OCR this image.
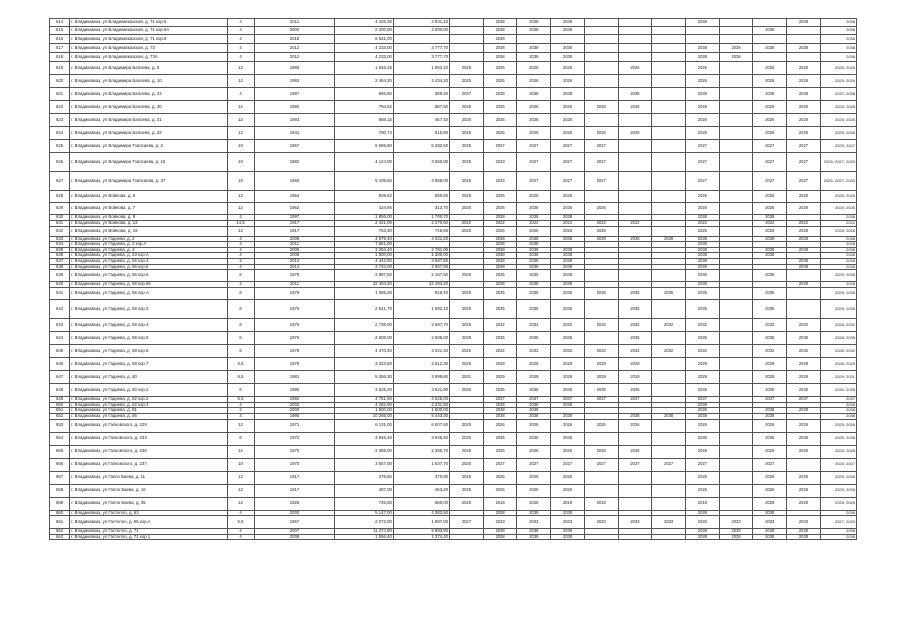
614	г. Владикавказ, ул Владикавказская, д. 71 кор.5	4	2011	4 428,30	2 931,10		2038	2038	2038				2038			2038	2038
615	г. Владикавказ, ул Владикавказская, д. 71 кор.6А	4	2000	2 200,00	2 000,00		2038	2038	2038						2038		2038
616	г. Владикавказ, ул Владикавказская, д. 71 кор.8	4	2018	5 531,00			2038										2038
617	г. Владикавказ, ул Владикавказская, д. 73	4	2012	4 233,00	3 777,70		2038	2038	2038				2038	2038	2038	2038	2038
618	г. Владикавказ, ул Владикавказская, д. 73А	4	2012	4 233,00	3 777,70		2038	2038	2038				2038	2038			2038
619	г. Владикавказ, ул Владимира Балоева, д. 5	12	1990	1 646,25	1 063,10	2025	2026	2026	2026		2026		2026		2026	2026	2025; 2026
620	г. Владикавказ, ул Владимира Балоева, д. 10	12	1992	2 464,20	2 434,20	2025	2026	2026	2026				2026		2026	2026	2025; 2026
621	г. Владикавказ, ул Владимира Балоева, д. 22	4	1997	566,80	389,40	2037	2038	2038	2038		2038		2038		2038	2038	2037; 2038
622	г. Владикавказ, ул Владимира Балоева, д. 30	12	1980	794,52	687,50	2025	2026	2026	2026	2026	2026		2026		2026	2026	2025; 2026
623	г. Владикавказ, ул Владимира Балоева, д. 31	12	1993	658,15	467,40	2025	2026	2026	2026				2026		2026	2026	2025; 2026
624	г. Владикавказ, ул Владимира Балоева, д. 33	12	1941	750,74	615,90	2025	2026	2026	2026	2026	2026		2026		2026	2026	2025; 2026
625	г. Владикавказ, ул Владимира Тхапсаева, д. 2	10	1967	6 596,90	6 282,50	2025	2027	2027	2027	2027			2027		2027	2027	2025; 2027
626	г. Владикавказ, ул Владимира Тхапсаева, д. 16	10	1982	4 124,00	3 650,00	2025	2033	2027	2027	2027			2027		2027	2027	2025; 2027; 2033
627	г. Владикавказ, ул Владимира Тхапсаева, д. 37	10	1960	5 105,50	4 858,00	2025	2033	2027	2027	2027			2027		2027	2027	2025; 2027; 2033
628	г. Владикавказ, ул Войнова, д. 6	12	1954	609,62	599,60	2025	2026	2026	2026				2026		2026	2026	2025; 2026
629	г. Владикавказ, ул Войнова, д. 7	12	1962	424,85	313,70	2025	2026	2026	2026	2026			2026		2026	2026	2025; 2026
630	г. Владикавказ, ул Войнова, д. 8	4	1997	1 856,00	1 700,70		2038	2038	2038				2038		2038		2038
631	г. Владикавказ, ул Войнова, д. 13	14,5	1917	2 421,00	2 270,60	2022	2022	2022	2022	2022	2022		2022		2022	2022	2022
632	г. Владикавказ, ул Войнова, д. 19	12	1917	763,30	746,60	2025	2026	2026	2026	2026			2026		2026	2026	2025; 2026
633	г. Владикавказ, ул Гадиева, д. 2	4	2008	4 979,40	4 021,20		2038	2038	2038	2038	2038	2038	2038		2038	2038	2038
634	г. Владикавказ, ул Гадиева, д. 2 кор.А	4	2011	7 861,00			2038	2038					2038				2038
635	г. Владикавказ, ул Гадиева, д. 3	4	2005	3 284,40	2 781,90		2038	2038	2038				2038		2038	2038	2038
636	г. Владикавказ, ул Гадиева, д. 23 кор.А	4	2008	1 500,00	1 300,00		2038	2038	2038				2038		2038		2038
637	г. Владикавказ, ул Гадиева, д. 56 кор.4	2	2012	4 442,50	3 697,80		2038	2038	2038				2038			2038	2038
638	г. Владикавказ, ул Гадиева, д. 56 кор.5	4	2012	3 734,00	2 957,90		2038	2038	2038				2038			2038	2038
639	г. Владикавказ, ул Гадиева, д. 56 кор.6	6	1979	2 897,50	2 167,50	2029	2035	2035	2035				2035		2035		2029; 2035
640	г. Владикавказ, ул Гадиева, д. 56 кор.65	2	2011	42 494,20	42 494,20		2038	2038	2038				2038			2038	2038
641	г. Владикавказ, ул Гадиева, д. 56 кор.А	6	1979	1 085,20	929,40	2029	2035	2035	2035	2035	2035	2035	2035		2035		2029; 2035
642	г. Владикавказ, ул Гадиева, д. 58 кор.3	6	1976	2 541,70	1 692,10	2029	2035	2035	2035		2035		2035		2035		2029; 2035
643	г. Владикавказ, ул Гадиева, д. 58 кор.4	6	1976	2 738,00	2 697,70	2026	2032	2032	2032	2032	2032	2032	2032		2032	2032	2026; 2032
644	г. Владикавказ, ул Гадиева, д. 58 кор.5	6	1976	2 608,00	2 508,00	2028	2035	2035	2035		2035		2035		2035	2035	2028; 2035
645	г. Владикавказ, ул Гадиева, д. 58 кор.6	6	1978	4 470,40	4 021,40	2026	2032	2032	2032	2032	2032	2032	2032		2032	2032	2026; 2032
646	г. Владикавказ, ул Гадиева, д. 58 кор.7	6,5	1978	3 323,80	2 612,30	2026	2029	2029	2029	2029	2029		2029		2029	2029	2026; 2029
647	г. Владикавказ, ул Гадиева, д. 60	6,5	1981	5 356,30	3 999,80	2031	2029	2029	2029	2029	2029		2029		2029	2029	2029; 2031
648	г. Владикавказ, ул Гадиева, д. 60 кор.2	6	1980	3 625,20	3 521,90	2030	2035	2035	2035	2035	2035		2035		2035	2035	2030; 2035
649	г. Владикавказ, ул Гадиева, д. 62 кор.2	5,5	1992	4 751,50	3 625,00		2037	2037	2037	2037	2037		2037		2037	2037	2037
650	г. Владикавказ, ул Гадиева, д. 62 кор.3	4	2002	4 282,90	2 231,50		2038	2038	2038				2038				2038
651	г. Владикавказ, ул Гадиева, д. 81	2	2000	1 500,00	1 500,00		2038	2038					2038		2038	2038	2038
652	г. Владикавказ, ул Гадиева, д. 86	4	1995	10 265,00	5 443,30		2038	2038	2038		2038	2038	2038		2038		2038
653	г. Владикавказ, ул Галковского, д. 229	12	1971	6 131,00	6 007,60	2025	2026	2026	2026	2026	2026		2026		2026	2026	2025; 2026
654	г. Владикавказ, ул Галковского, д. 233	6	1972	3 945,40	3 945,40	2025	2036	2036	2036				2036		2036	2036	2025; 2036
655	г. Владикавказ, ул Галковского, д. 235	12	1970	2 389,00	2 355,70	2025	2026	2026	2026	2026	2026		2026		2026	2026	2025; 2026
656	г. Владикавказ, ул Галковского, д. 237	10	1970	3 557,00	1 637,70	2025	2027	2027	2027	2027	2027	2027	2027		2027		2025; 2027
657	г. Владикавказ, ул Гаппо Баева, д. 11	12	1917	376,50	370,90	2025	2026	2026	2026				2026		2026	2026	2025; 2026
658	г. Владикавказ, ул Гапло Баева, д. 16	12	1917	487,00	463,20	2025	2026	2026	2026				2026		2026	2026	2025; 2026
659	г. Владикавказ, ул Гапло Баева, д. 35	12	1925	725,60	680,00	2025	2018	2026	2018	2018			2018		2026	2026	2025; 2026
660	г. Владикавказ, ул Гастелло, д. 63	4	2000	5 147,00	4 383,50		2038	2038	2038				2038		2038		2038
661	г. Владикавказ, ул Гастелло, д. 65 кор.А	6,5	1967	2 072,00	1 987,00	2027	2033	2033	2033	2033	2033	2033	2033	2033	2033	2033	2027; 2033
662	г. Владикавказ, ул Гастелло, д. 71	4	2007	11 274,80	9 883,90		2038	2038	2038				2038	2038	2038	2038	2038
663	г. Владикавказ, ул Гастелло, д. 71 кор.1	4	2008	1 556,40	1 374,40		2038	2038	2038				2038	2038	2038	2038	2038
